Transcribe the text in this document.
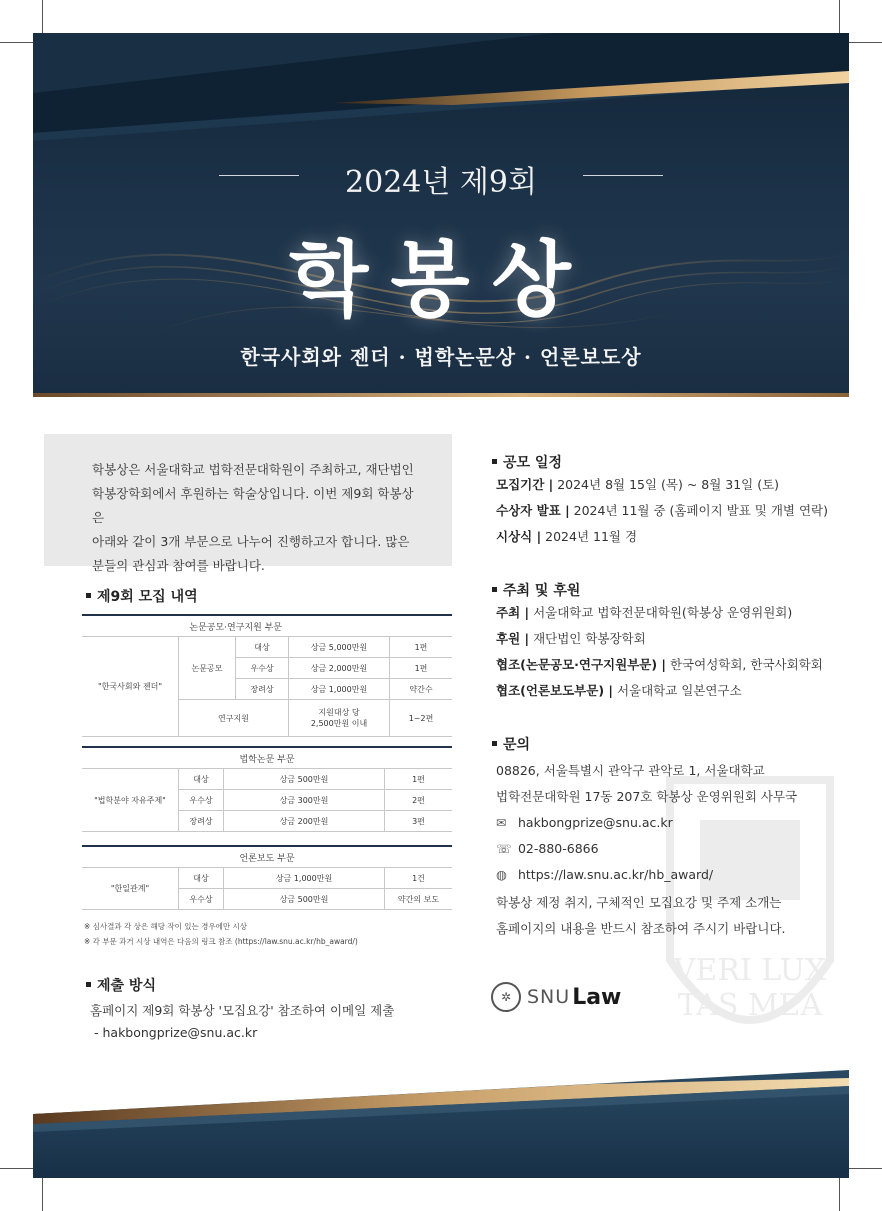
2024년 제9회
학봉상
한국사회와 젠더 · 법학논문상 · 언론보도상
학봉상은 서울대학교 법학전문대학원이 주최하고, 재단법인
학봉장학회에서 후원하는 학술상입니다. 이번 제9회 학봉상은
아래와 같이 3개 부문으로 나누어 진행하고자 합니다. 많은
분들의 관심과 참여를 바랍니다.
제9회 모집 내역
논문공모·연구지원 부문				
"한국사회와 젠더"	논문공모	대상	상금 5,000만원	1편
		우수상	상금 2,000만원	1편
		장려상	상금 1,000만원	약간수
	연구지원		지원대상 당
2,500만원 이내	1~2편
법학논문 부문			
"법학분야 자유주제"	대상	상금 500만원	1편
	우수상	상금 300만원	2편
	장려상	상금 200만원	3편
언론보도 부문			
"한일관계"	대상	상금 1,000만원	1건
	우수상	상금 500만원	약간의 보도
※ 심사결과 각 상은 해당 작이 있는 경우에만 시상
※ 각 부문 과거 시상 내역은 다음의 링크 참조 (https://law.snu.ac.kr/hb_award/)
제출 방식
홈페이지 제9회 학봉상 '모집요강' 참조하여 이메일 제출
- hakbongprize@snu.ac.kr
VERI LUX
TAS MEA
공모 일정
모집기간 | 2024년 8월 15일 (목) ~ 8월 31일 (토)
수상자 발표 | 2024년 11월 중 (홈페이지 발표 및 개별 연락)
시상식 | 2024년 11월 경
주최 및 후원
주최 | 서울대학교 법학전문대학원(학봉상 운영위원회)
후원 | 재단법인 학봉장학회
협조(논문공모·연구지원부문) | 한국여성학회, 한국사회학회
협조(언론보도부문) | 서울대학교 일본연구소
문의
08826, 서울특별시 관악구 관악로 1, 서울대학교
법학전문대학원 17동 207호 학봉상 운영위원회 사무국
✉ hakbongprize@snu.ac.kr
☏ 02-880-6866
◍ https://law.snu.ac.kr/hb_award/
학봉상 제정 취지, 구체적인 모집요강 및 주제 소개는
홈페이지의 내용을 반드시 참조하여 주시기 바랍니다.
✲ SNU Law
